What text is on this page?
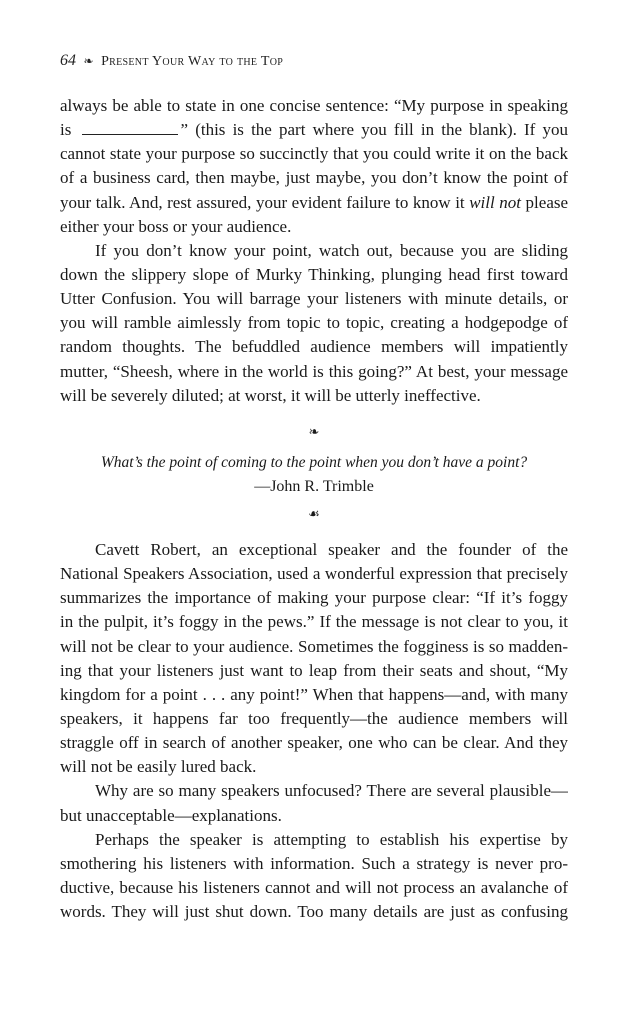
64 ❧ Present Your Way to the Top
always be able to state in one concise sentence: “My purpose in speaking
is	” (this is the part where you fill in the blank). If you
cannot state your purpose so succinctly that you could write it on the back
of a business card, then maybe, just maybe, you don’t know the point of
your talk. And, rest assured, your evident failure to know it will not please
either your boss or your audience.
If you don’t know your point, watch out, because you are sliding
down the slippery slope of Murky Thinking, plunging head first toward
Utter Confusion. You will barrage your listeners with minute details, or
you will ramble aimlessly from topic to topic, creating a hodgepodge of
random thoughts. The befuddled audience members will impatiently
mutter, “Sheesh, where in the world is this going?” At best, your message
will be severely diluted; at worst, it will be utterly ineffective.
❧
What’s the point of coming to the point when you don’t have a point?
—John R. Trimble
☙
Cavett Robert, an exceptional speaker and the founder of the
National Speakers Association, used a wonderful expression that precisely
summarizes the importance of making your purpose clear: “If it’s foggy
in the pulpit, it’s foggy in the pews.” If the message is not clear to you, it
will not be clear to your audience. Sometimes the fogginess is so madden-
ing that your listeners just want to leap from their seats and shout, “My
kingdom for a point . . . any point!” When that happens—and, with many
speakers, it happens far too frequently—the audience members will
straggle off in search of another speaker, one who can be clear. And they
will not be easily lured back.
Why are so many speakers unfocused? There are several plausible—
but unacceptable—explanations.
Perhaps the speaker is attempting to establish his expertise by
smothering his listeners with information. Such a strategy is never pro-
ductive, because his listeners cannot and will not process an avalanche of
words. They will just shut down. Too many details are just as confusing
